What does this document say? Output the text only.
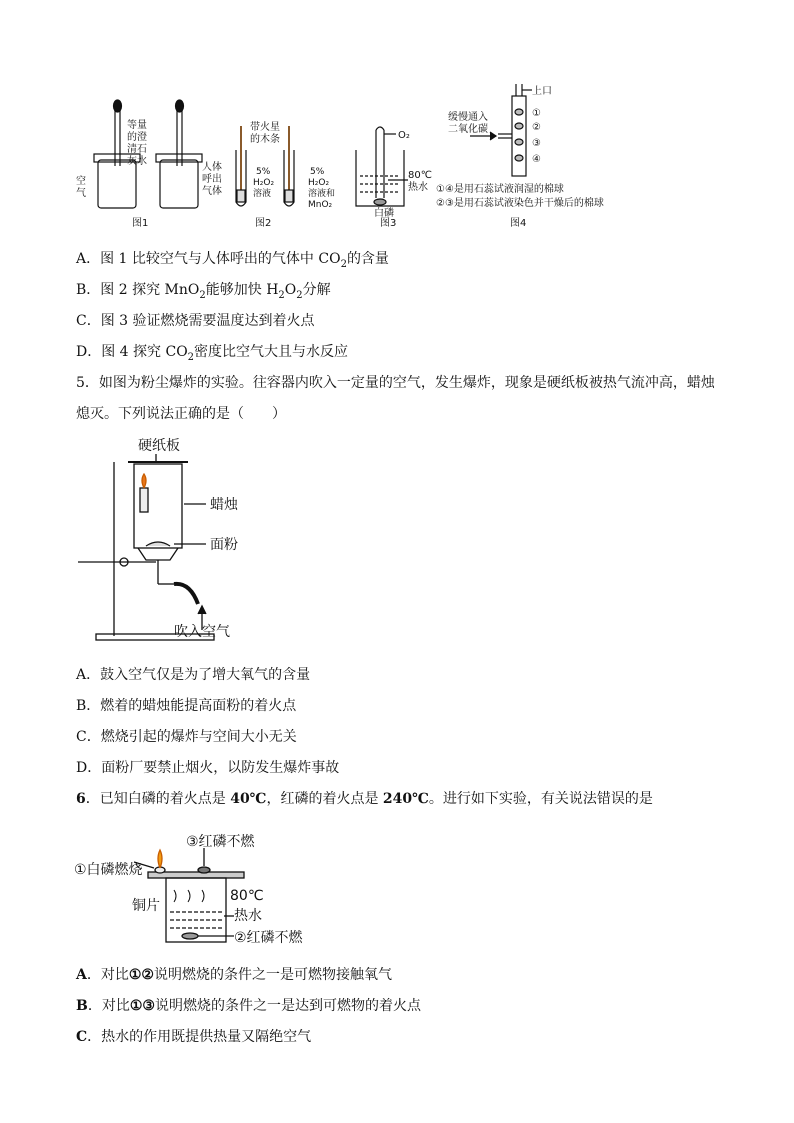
等量
的澄
清石
灰水
空
气
人体
呼出
气体
图1
带火星
的木条
5%
H₂O₂
溶液
5%
H₂O₂
溶液和
MnO₂
图2
O₂
80℃
热水
白磷
图3
上口
缓慢通入
二氧化碳
①
②
③
④
①④是用石蕊试液润湿的棉球
②③是用石蕊试液染色并干燥后的棉球
图4
A．图 1 比较空气与人体呼出的气体中 $CO_2$的含量
B．图 2 探究 MnO$_2$能够加快 $H_2O_2$分解
C．图 3 验证燃烧需要温度达到着火点
D．图 4 探究 $CO_2$密度比空气大且与水反应
5．如图为粉尘爆炸的实验。往容器内吹入一定量的空气，发生爆炸，现象是硬纸板被热气流冲高，蜡烛
熄灭。下列说法正确的是（　　）
硬纸板
蜡烛
面粉
吹入空气
A．鼓入空气仅是为了增大氧气的含量
B．燃着的蜡烛能提高面粉的着火点
C．燃烧引起的爆炸与空间大小无关
D．面粉厂要禁止烟火，以防发生爆炸事故
6．已知白磷的着火点是 40℃，红磷的着火点是 240℃。进行如下实验，有关说法错误的是
③红磷不燃
①白磷燃烧
80℃
铜片
热水
②红磷不燃
A．对比①②说明燃烧的条件之一是可燃物接触氧气
B．对比①③说明燃烧的条件之一是达到可燃物的着火点
C．热水的作用既提供热量又隔绝空气
